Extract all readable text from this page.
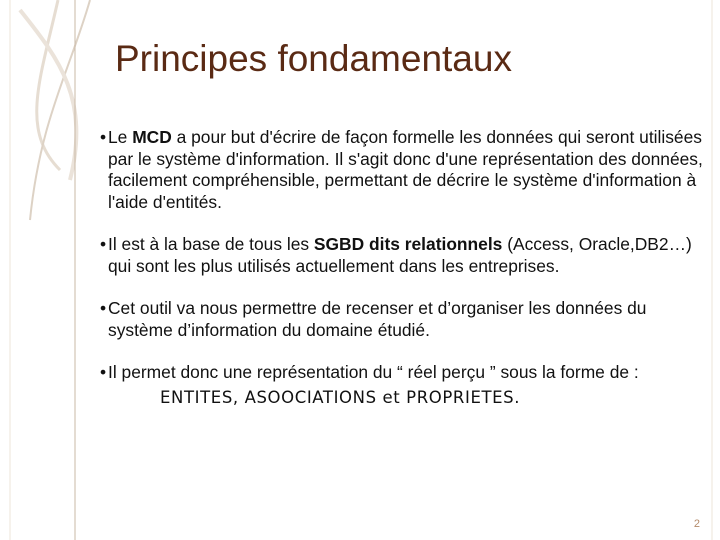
Principes fondamentaux
• Le MCD a pour but d'écrire de façon formelle les données qui seront utilisées par le système d'information. Il s'agit donc d'une représentation des données, facilement compréhensible, permettant de décrire le système d'information à l'aide d'entités.
• Il est à la base de tous les SGBD dits relationnels (Access, Oracle,DB2…) qui sont les plus utilisés actuellement dans les entreprises.
• Cet outil va nous permettre de recenser et d’organiser les données du système d’information du domaine étudié.
• Il permet donc une représentation du “ réel perçu ” sous la forme de :
ENTITES, ASOOCIATIONS et PROPRIETES.
2
